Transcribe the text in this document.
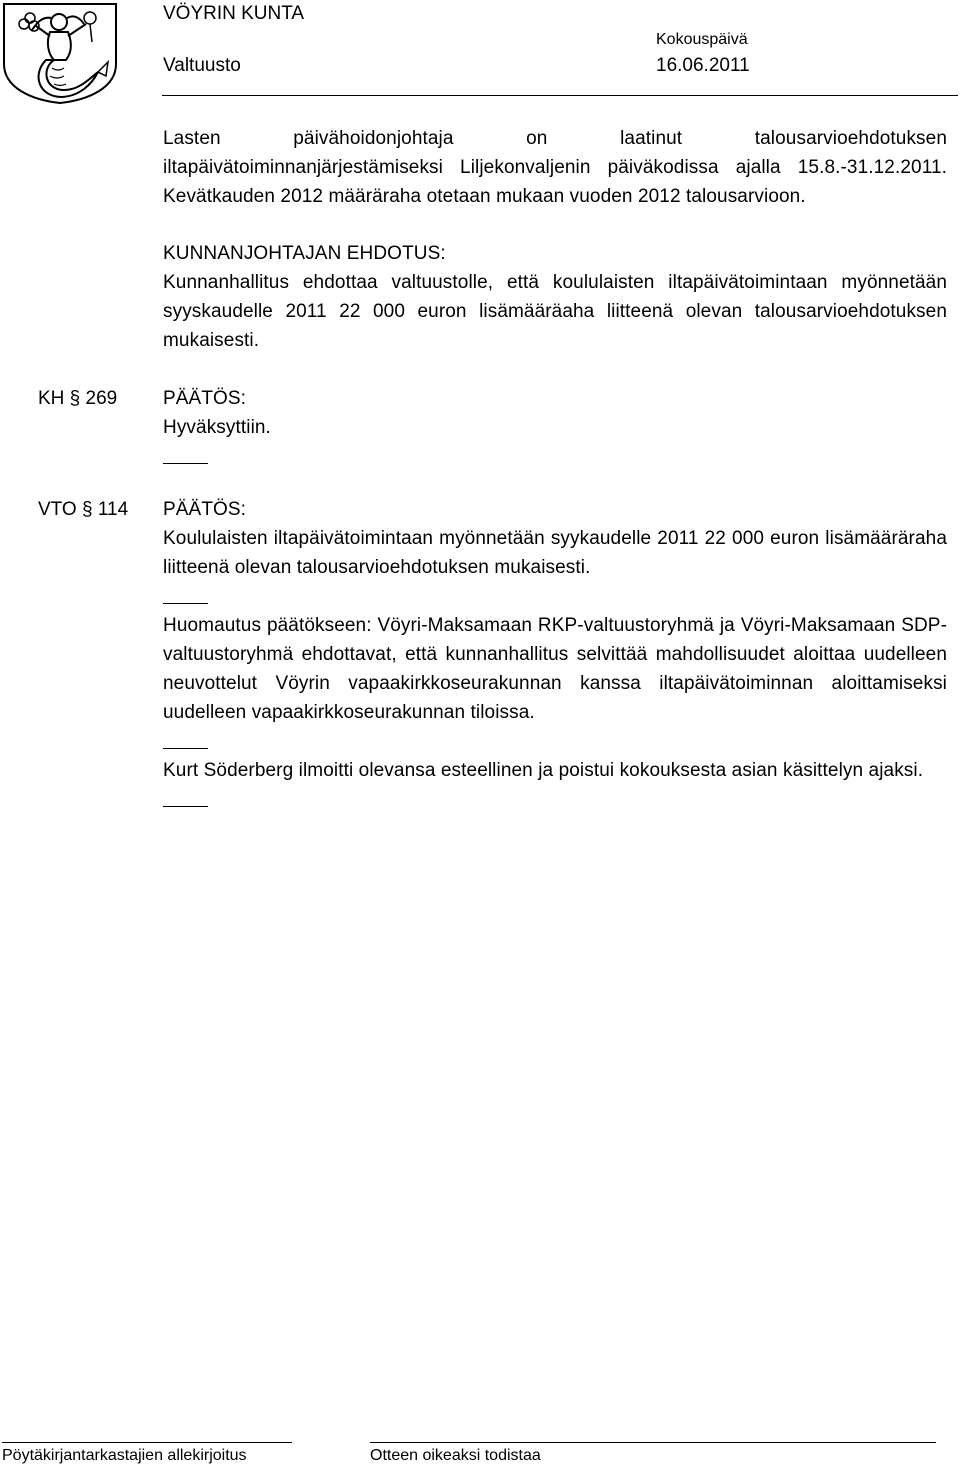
VÖYRIN KUNTA
Valtuusto
Kokouspäivä
16.06.2011

Lasten päivähoidonjohtaja on laatinut talousarvioehdotuksen iltapäivätoiminnanjärjestämiseksi Liljekonvaljenin päiväkodissa ajalla 15.8.-31.12.2011. Kevätkauden 2012 määräraha otetaan mukaan vuoden 2012 talousarvioon.

KUNNANJOHTAJAN EHDOTUS:

Kunnanhallitus ehdottaa valtuustolle, että koululaisten iltapäivätoimintaan myönnetään syyskaudelle 2011 22 000 euron lisämääräaha liitteenä olevan talousarvioehdotuksen mukaisesti.

KH § 269 PÄÄTÖS:

Hyväksyttiin.

VTO § 114 PÄÄTÖS:

Koululaisten iltapäivätoimintaan myönnetään syykaudelle 2011 22 000 euron lisämääräraha liitteenä olevan talousarvioehdotuksen mukaisesti.

Huomautus päätökseen: Vöyri-Maksamaan RKP-valtuustoryhmä ja Vöyri-Maksamaan SDP-valtuustoryhmä ehdottavat, että kunnanhallitus selvittää mahdollisuudet aloittaa uudelleen neuvottelut Vöyrin vapaakirkkoseurakunnan kanssa iltapäivätoiminnan aloittamiseksi uudelleen vapaakirkkoseurakunnan tiloissa.

Kurt Söderberg ilmoitti olevansa esteellinen ja poistui kokouksesta asian käsittelyn ajaksi.

Pöytäkirjantarkastajien allekirjoitus	Otteen oikeaksi todistaa
